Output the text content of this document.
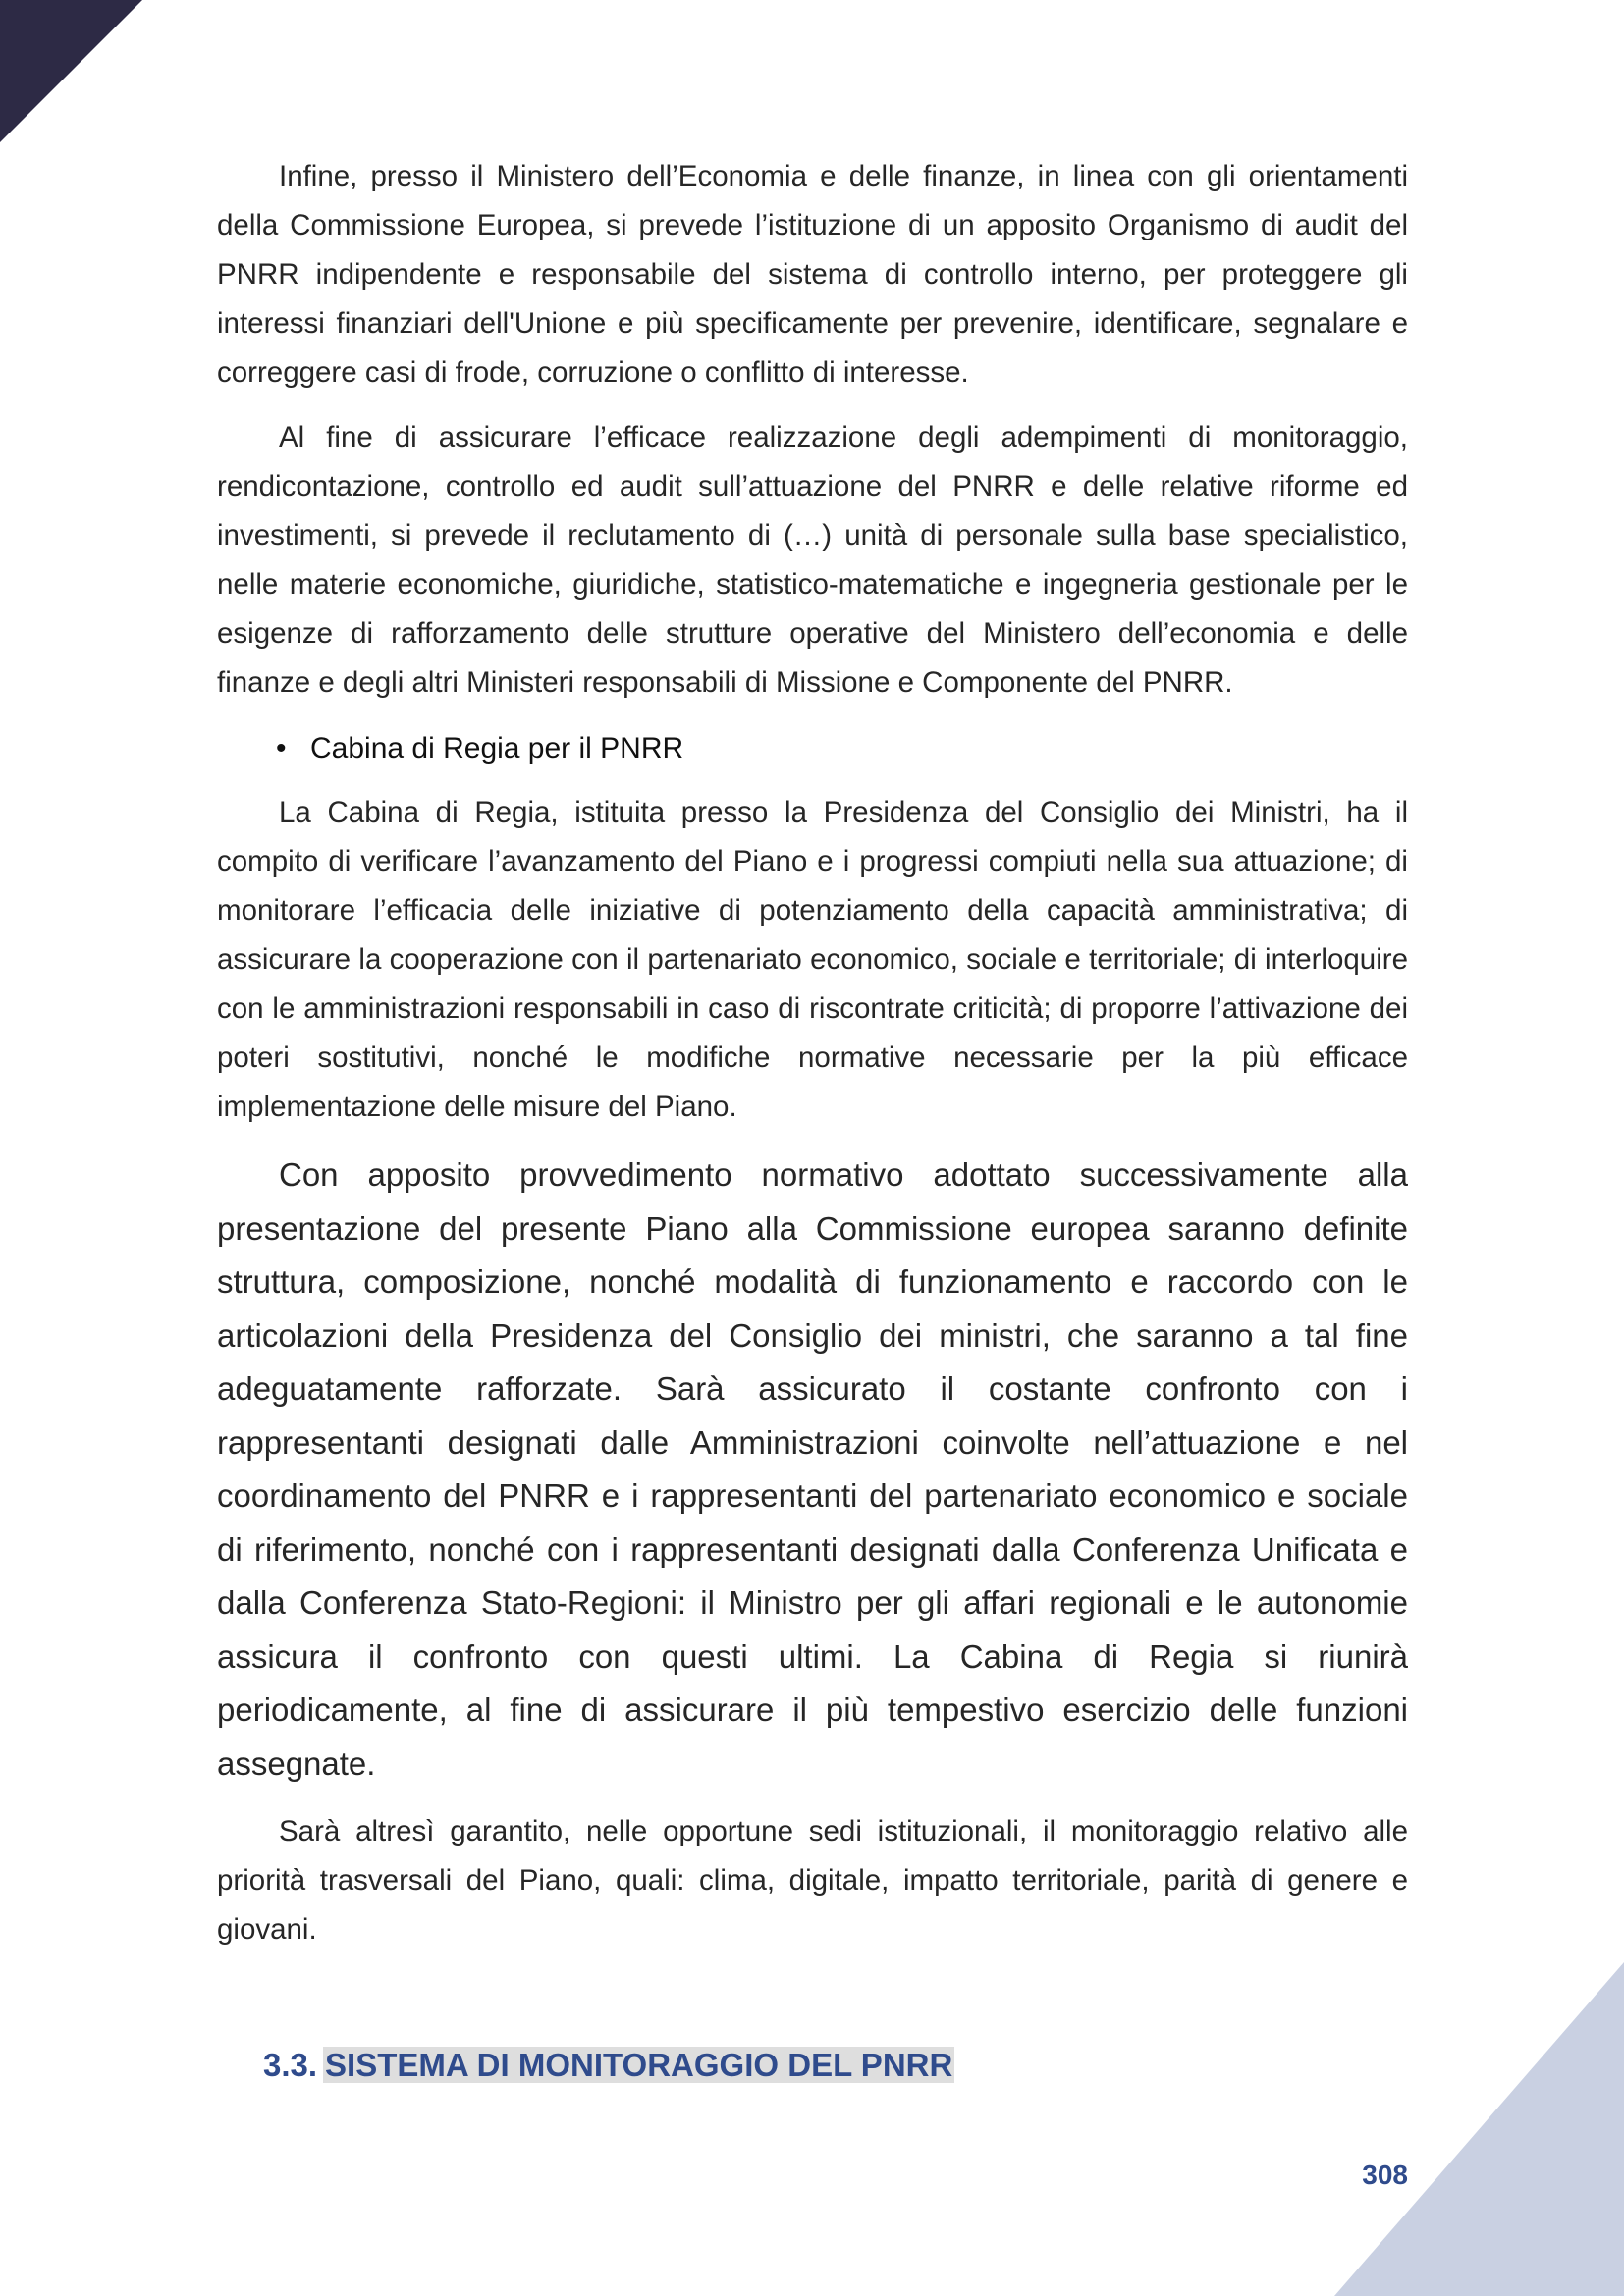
Infine, presso il Ministero dell’Economia e delle finanze, in linea con gli orientamenti della Commissione Europea, si prevede l’istituzione di un apposito Organismo di audit del PNRR indipendente e responsabile del sistema di controllo interno, per proteggere gli interessi finanziari dell'Unione e più specificamente per prevenire, identificare, segnalare e correggere casi di frode, corruzione o conflitto di interesse.

Al fine di assicurare l’efficace realizzazione degli adempimenti di monitoraggio, rendicontazione, controllo ed audit sull’attuazione del PNRR e delle relative riforme ed investimenti, si prevede il reclutamento di (…) unità di personale sulla base specialistico, nelle materie economiche, giuridiche, statistico-matematiche e ingegneria gestionale per le esigenze di rafforzamento delle strutture operative del Ministero dell’economia e delle finanze e degli altri Ministeri responsabili di Missione e Componente del PNRR.

• Cabina di Regia per il PNRR

La Cabina di Regia, istituita presso la Presidenza del Consiglio dei Ministri, ha il compito di verificare l’avanzamento del Piano e i progressi compiuti nella sua attuazione; di monitorare l’efficacia delle iniziative di potenziamento della capacità amministrativa; di assicurare la cooperazione con il partenariato economico, sociale e territoriale; di interloquire con le amministrazioni responsabili in caso di riscontrate criticità; di proporre l’attivazione dei poteri sostitutivi, nonché le modifiche normative necessarie per la più efficace implementazione delle misure del Piano.

Con apposito provvedimento normativo adottato successivamente alla presentazione del presente Piano alla Commissione europea saranno definite struttura, composizione, nonché modalità di funzionamento e raccordo con le articolazioni della Presidenza del Consiglio dei ministri, che saranno a tal fine adeguatamente rafforzate. Sarà assicurato il costante confronto con i rappresentanti designati dalle Amministrazioni coinvolte nell’attuazione e nel coordinamento del PNRR e i rappresentanti del partenariato economico e sociale di riferimento, nonché con i rappresentanti designati dalla Conferenza Unificata e dalla Conferenza Stato-Regioni: il Ministro per gli affari regionali e le autonomie assicura il confronto con questi ultimi. La Cabina di Regia si riunirà periodicamente, al fine di assicurare il più tempestivo esercizio delle funzioni assegnate.

Sarà altresì garantito, nelle opportune sedi istituzionali, il monitoraggio relativo alle priorità trasversali del Piano, quali: clima, digitale, impatto territoriale, parità di genere e giovani.

3.3. SISTEMA DI MONITORAGGIO DEL PNRR
308
